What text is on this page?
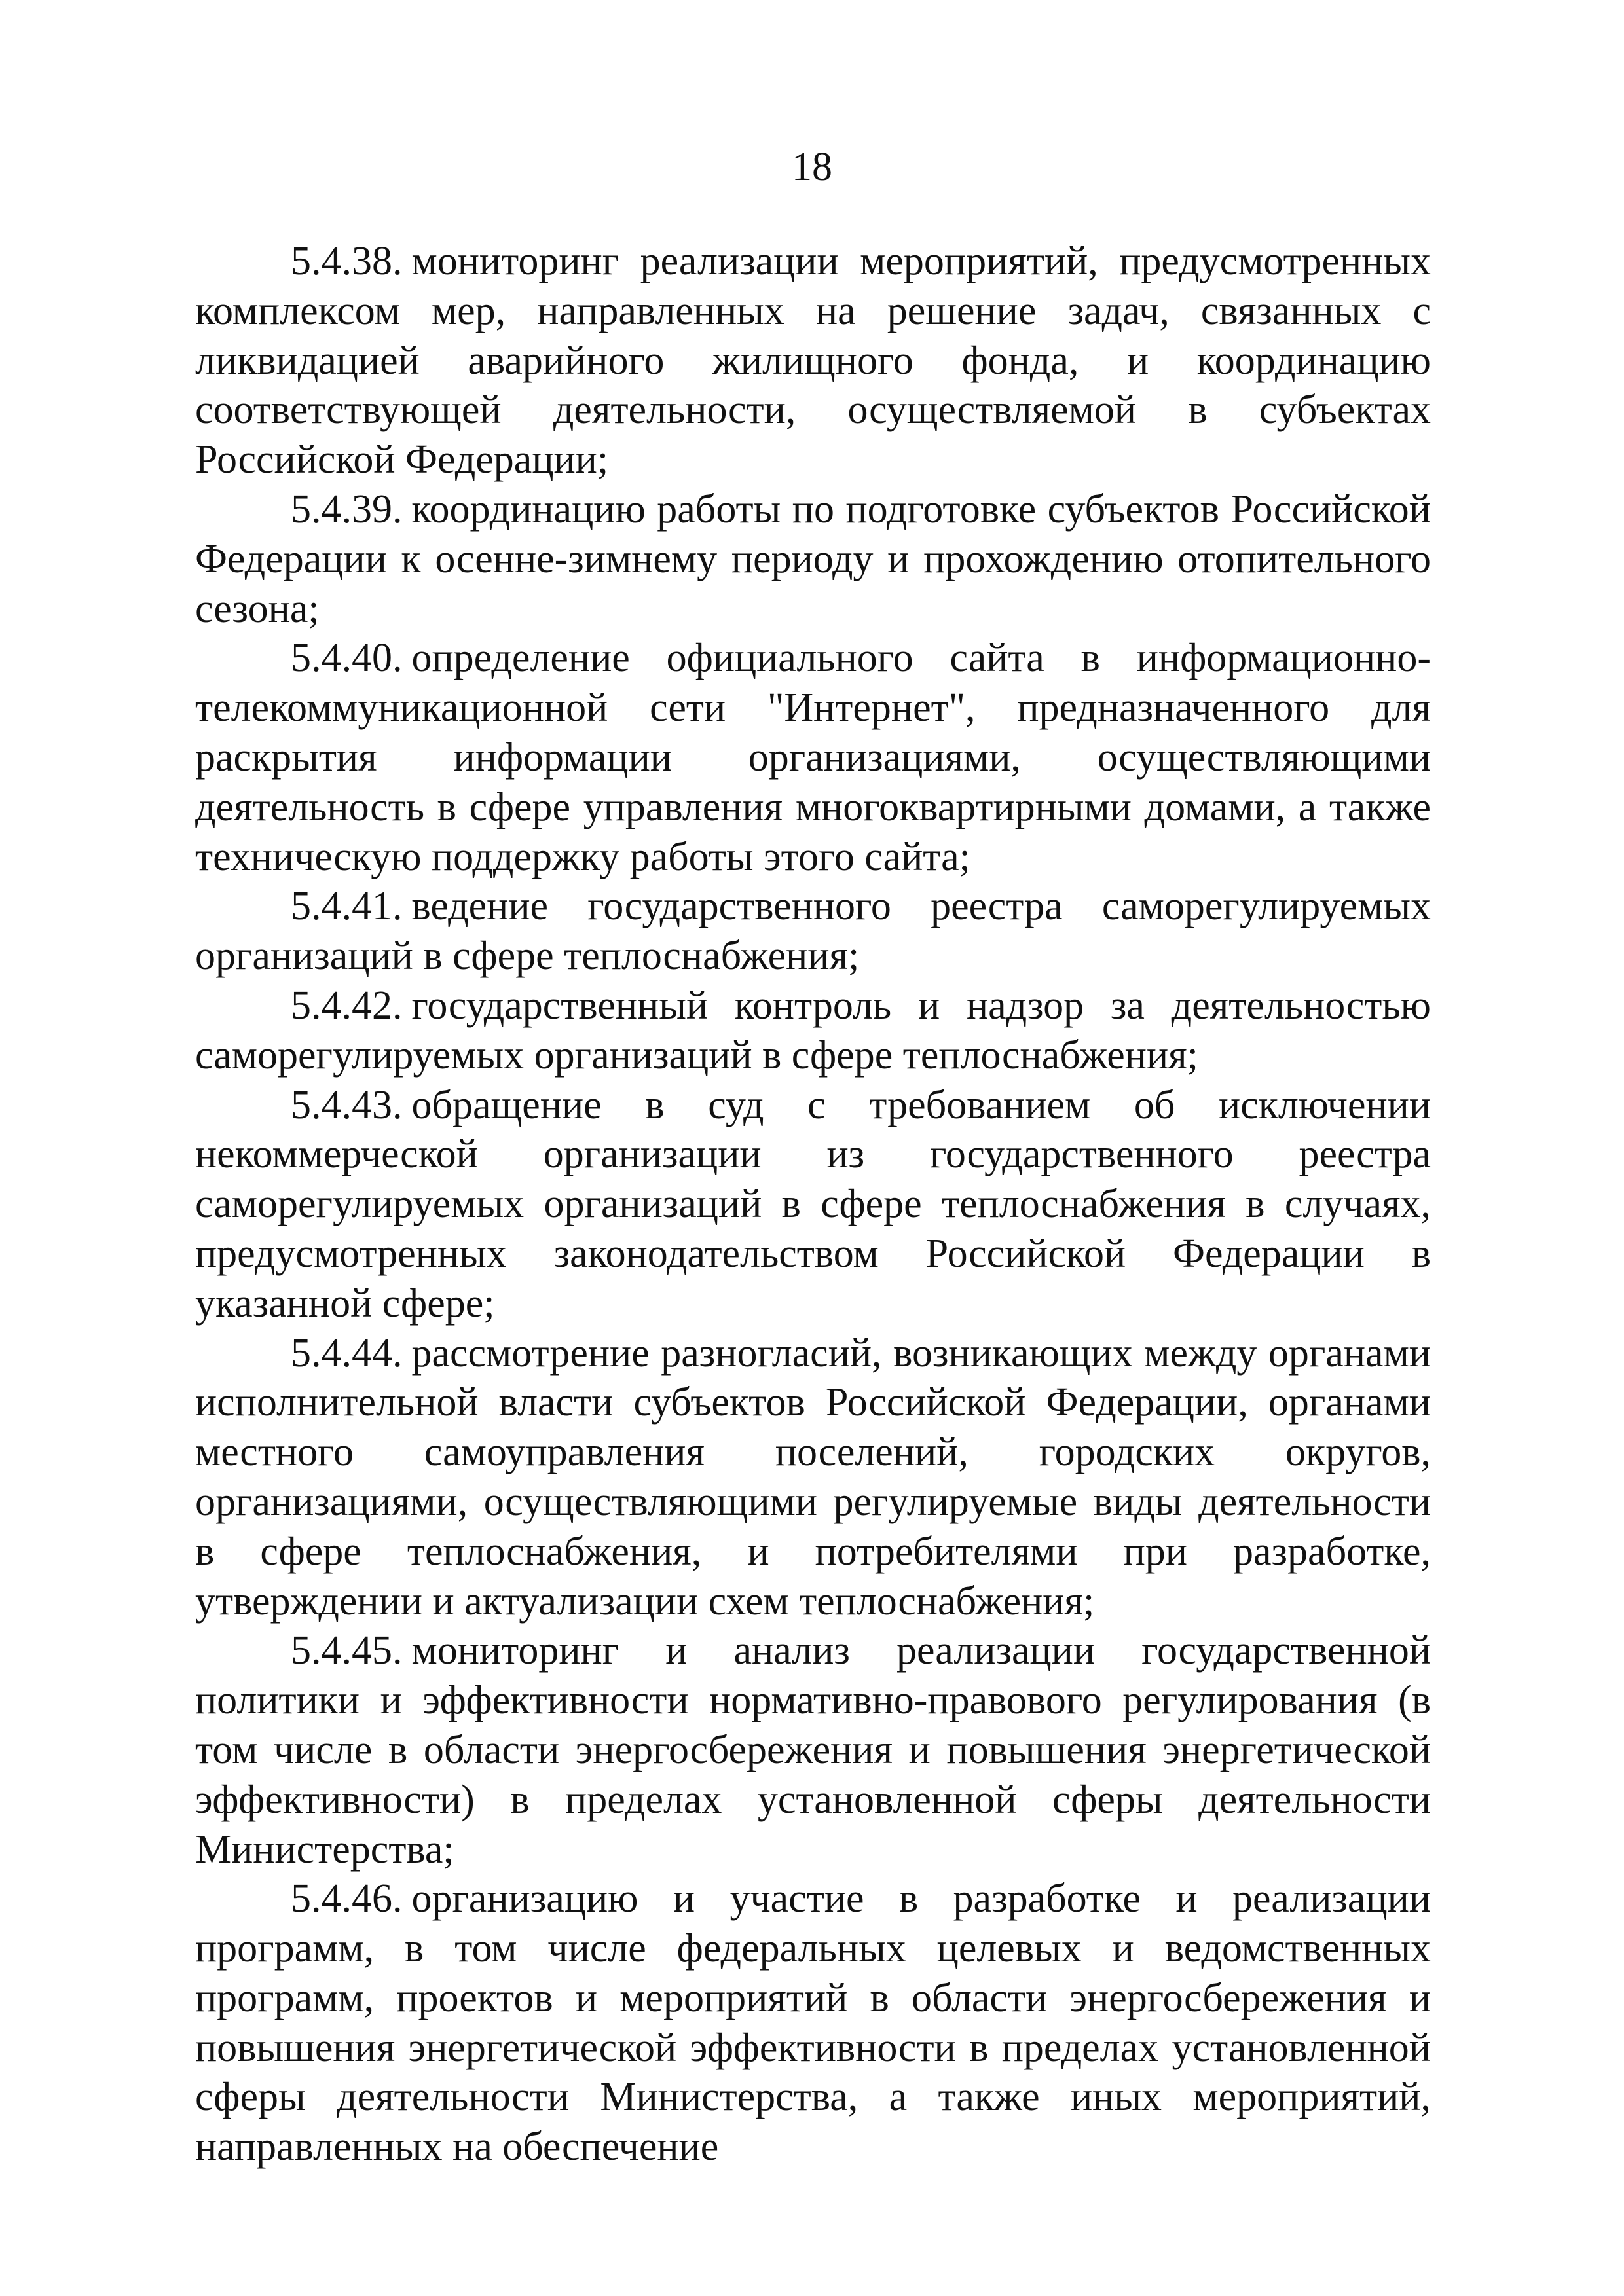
18

5.4.38. мониторинг реализации мероприятий, предусмотренных комплексом мер, направленных на решение задач, связанных с ликвидацией аварийного жилищного фонда, и координацию соответствующей деятельности, осуществляемой в субъектах Российской Федерации;

5.4.39. координацию работы по подготовке субъектов Российской Федерации к осенне-зимнему периоду и прохождению отопительного сезона;

5.4.40. определение официального сайта в информационно-телекоммуникационной сети "Интернет", предназначенного для раскрытия информации организациями, осуществляющими деятельность в сфере управления многоквартирными домами, а также техническую поддержку работы этого сайта;

5.4.41. ведение государственного реестра саморегулируемых организаций в сфере теплоснабжения;

5.4.42. государственный контроль и надзор за деятельностью саморегулируемых организаций в сфере теплоснабжения;

5.4.43. обращение в суд с требованием об исключении некоммерческой организации из государственного реестра саморегулируемых организаций в сфере теплоснабжения в случаях, предусмотренных законодательством Российской Федерации в указанной сфере;

5.4.44. рассмотрение разногласий, возникающих между органами исполнительной власти субъектов Российской Федерации, органами местного самоуправления поселений, городских округов, организациями, осуществляющими регулируемые виды деятельности в сфере теплоснабжения, и потребителями при разработке, утверждении и актуализации схем теплоснабжения;

5.4.45. мониторинг и анализ реализации государственной политики и эффективности нормативно-правового регулирования (в том числе в области энергосбережения и повышения энергетической эффективности) в пределах установленной сферы деятельности Министерства;

5.4.46. организацию и участие в разработке и реализации программ, в том числе федеральных целевых и ведомственных программ, проектов и мероприятий в области энергосбережения и повышения энергетической эффективности в пределах установленной сферы деятельности Министерства, а также иных мероприятий, направленных на обеспечение
